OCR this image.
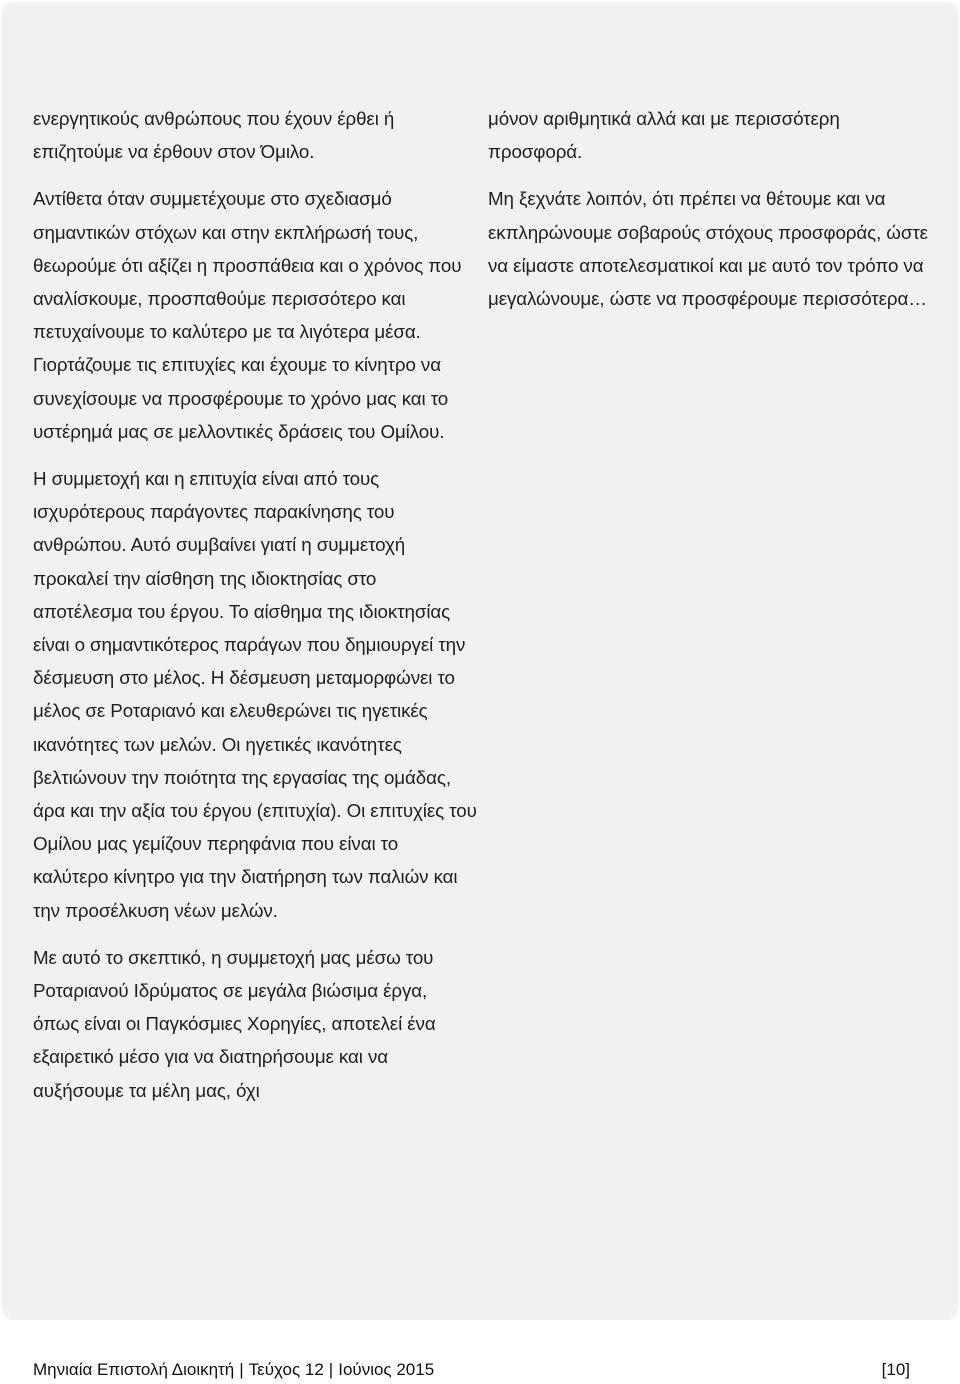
ενεργητικούς ανθρώπους που έχουν έρθει ή επιζητούμε να έρθουν στον Όμιλο.

Αντίθετα όταν συμμετέχουμε στο σχεδιασμό σημαντικών στόχων και στην εκπλήρωσή τους, θεωρούμε ότι αξίζει η προσπάθεια και ο χρόνος που αναλίσκουμε, προσπαθούμε περισσότερο και πετυχαίνουμε το καλύτερο με τα λιγότερα μέσα. Γιορτάζουμε τις επιτυχίες και έχουμε το κίνητρο να συνεχίσουμε να προσφέρουμε το χρόνο μας και το υστέρημά μας σε μελλοντικές δράσεις του Ομίλου.

Η συμμετοχή και η επιτυχία είναι από τους ισχυρότερους παράγοντες παρακίνησης του ανθρώπου. Αυτό συμβαίνει γιατί η συμμετοχή προκαλεί την αίσθηση της ιδιοκτησίας στο αποτέλεσμα του έργου. Το αίσθημα της ιδιοκτησίας είναι ο σημαντικότερος παράγων που δημιουργεί την δέσμευση στο μέλος. Η δέσμευση μεταμορφώνει το μέλος σε Ροταριανό και ελευθερώνει τις ηγετικές ικανότητες των μελών. Οι ηγετικές ικανότητες βελτιώνουν την ποιότητα της εργασίας της ομάδας, άρα και την αξία του έργου (επιτυχία). Οι επιτυχίες του Ομίλου μας γεμίζουν περηφάνια που είναι το καλύτερο κίνητρο για την διατήρηση των παλιών και την προσέλκυση νέων μελών.

Με αυτό το σκεπτικό, η συμμετοχή μας μέσω του Ροταριανού Ιδρύματος σε μεγάλα βιώσιμα έργα, όπως είναι οι Παγκόσμιες Χορηγίες, αποτελεί ένα εξαιρετικό μέσο για να διατηρήσουμε και να αυξήσουμε τα μέλη μας, όχι

μόνον αριθμητικά αλλά και με περισσότερη προσφορά.

Μη ξεχνάτε λοιπόν, ότι πρέπει να θέτουμε και να εκπληρώνουμε σοβαρούς στόχους προσφοράς, ώστε να είμαστε αποτελεσματικοί και με αυτό τον τρόπο να μεγαλώνουμε, ώστε να προσφέρουμε περισσότερα…

Μηνιαία Επιστολή Διοικητή | Τεύχος 12 | Ιούνιος 2015	[10]
